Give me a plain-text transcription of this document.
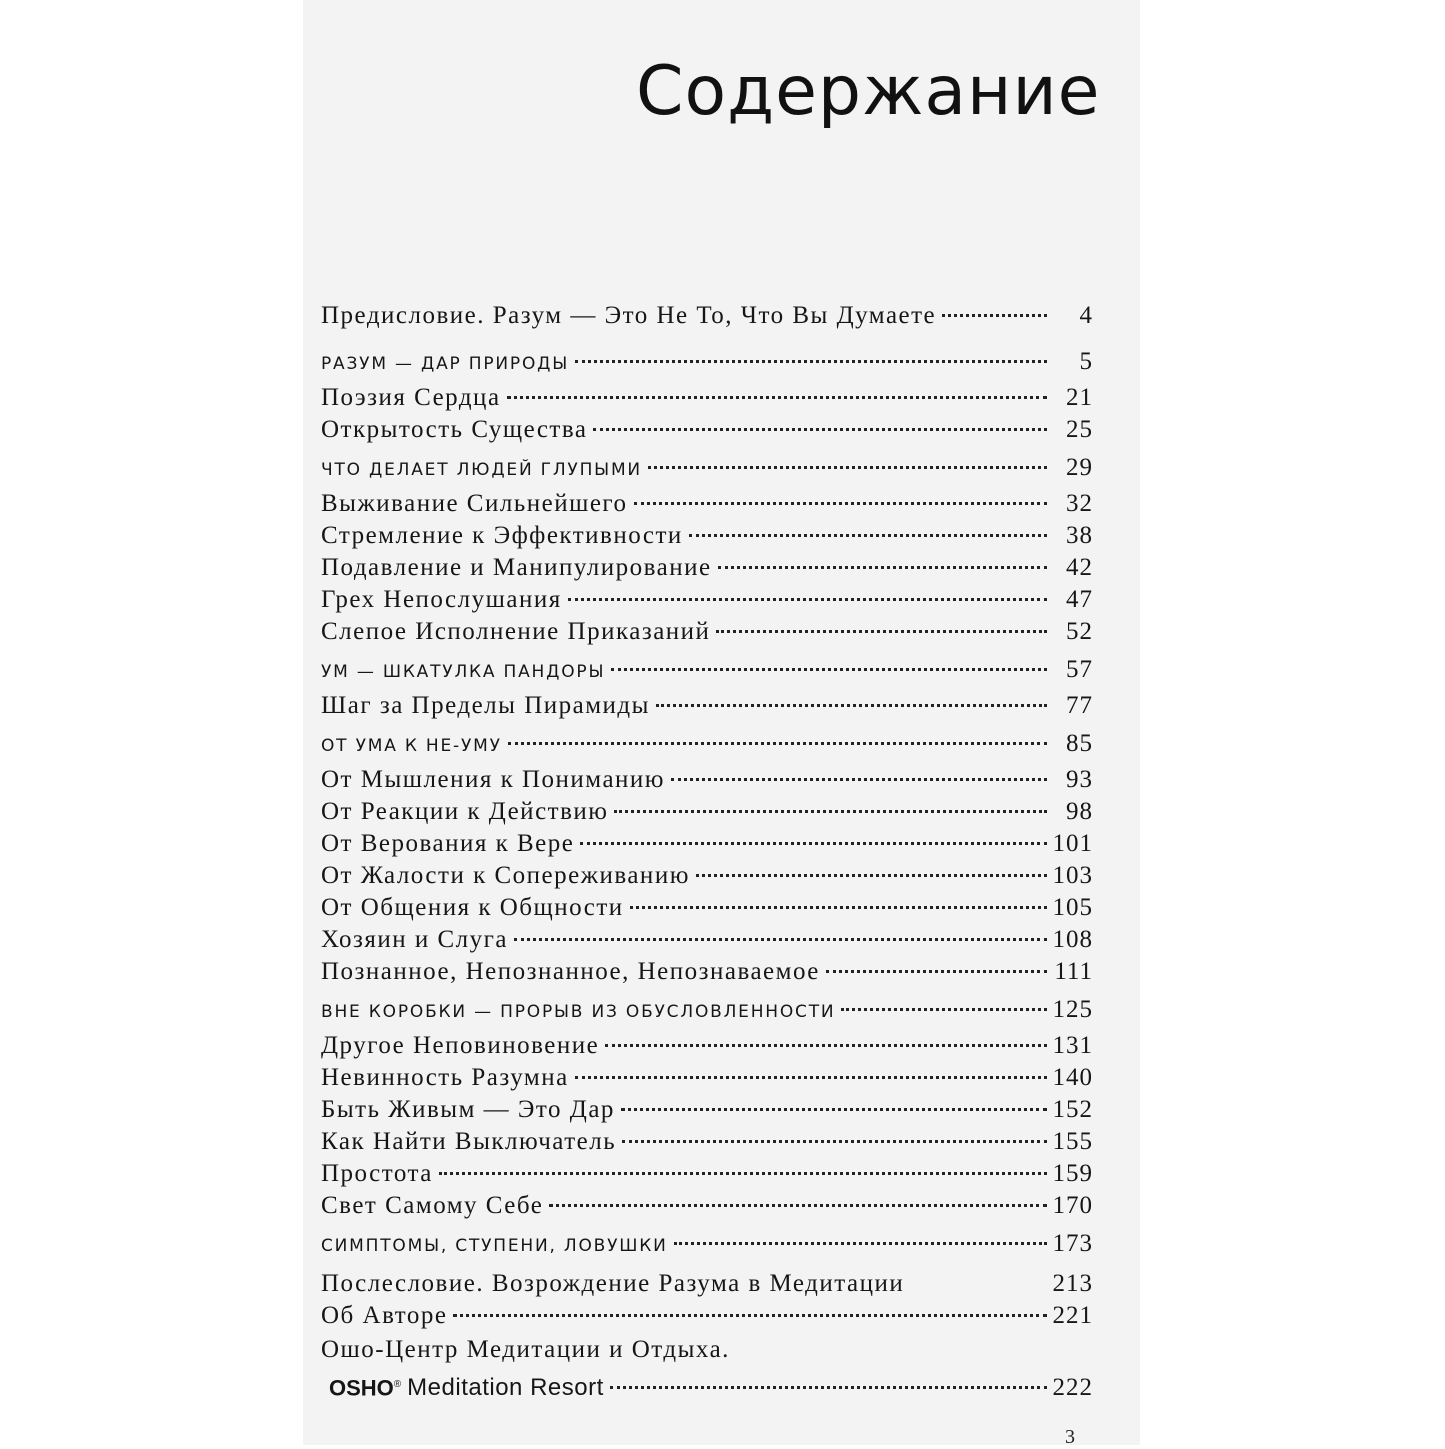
Содержание
Предисловие. Разум — Это Не То, Что Вы Думаете	4
РАЗУМ — ДАР ПРИРОДЫ	5
Поэзия Сердца	21
Открытость Существа	25
ЧТО ДЕЛАЕТ ЛЮДЕЙ ГЛУПЫМИ	29
Выживание Сильнейшего	32
Стремление к Эффективности	38
Подавление и Манипулирование	42
Грех Непослушания	47
Слепое Исполнение Приказаний	52
УМ — ШКАТУЛКА ПАНДОРЫ	57
Шаг за Пределы Пирамиды	77
ОТ УМА К НЕ-УМУ	85
От Мышления к Пониманию	93
От Реакции к Действию	98
От Верования к Вере	101
От Жалости к Сопереживанию	103
От Общения к Общности	105
Хозяин и Слуга	108
Познанное, Непознанное, Непознаваемое	111
ВНЕ КОРОБКИ — ПРОРЫВ ИЗ ОБУСЛОВЛЕННОСТИ	125
Другое Неповиновение	131
Невинность Разумна	140
Быть Живым — Это Дар	152
Как Найти Выключатель	155
Простота	159
Свет Самому Себе	170
СИМПТОМЫ, СТУПЕНИ, ЛОВУШКИ	173
Послесловие. Возрождение Разума в Медитации	213
Об Авторе	221
Ошо-Центр Медитации и Отдыха.
OSHO® Meditation Resort	222
3
